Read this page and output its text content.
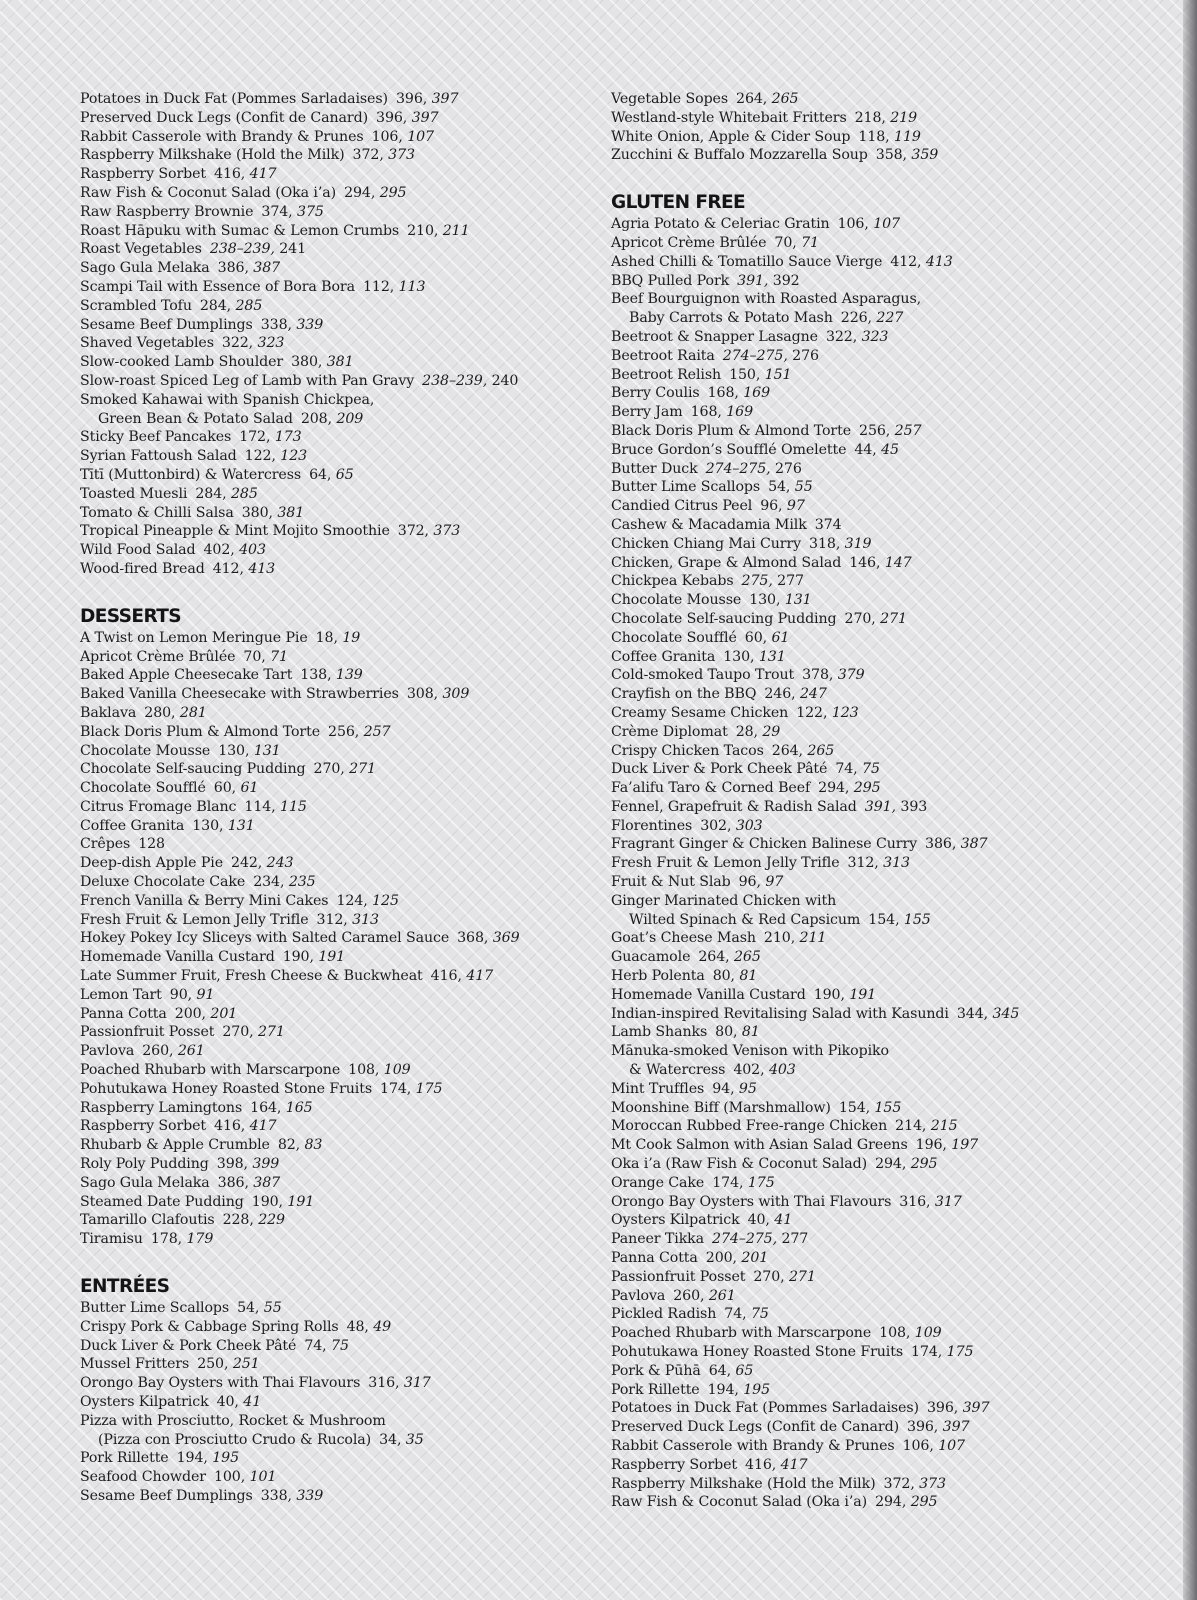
Potatoes in Duck Fat (Pommes Sarladaises) 396, 397
Preserved Duck Legs (Confit de Canard) 396, 397
Rabbit Casserole with Brandy & Prunes 106, 107
Raspberry Milkshake (Hold the Milk) 372, 373
Raspberry Sorbet 416, 417
Raw Fish & Coconut Salad (Oka i’a) 294, 295
Raw Raspberry Brownie 374, 375
Roast Hāpuku with Sumac & Lemon Crumbs 210, 211
Roast Vegetables 238–239, 241
Sago Gula Melaka 386, 387
Scampi Tail with Essence of Bora Bora 112, 113
Scrambled Tofu 284, 285
Sesame Beef Dumplings 338, 339
Shaved Vegetables 322, 323
Slow-cooked Lamb Shoulder 380, 381
Slow-roast Spiced Leg of Lamb with Pan Gravy 238–239, 240
Smoked Kahawai with Spanish Chickpea,
Green Bean & Potato Salad 208, 209
Sticky Beef Pancakes 172, 173
Syrian Fattoush Salad 122, 123
Tītī (Muttonbird) & Watercress 64, 65
Toasted Muesli 284, 285
Tomato & Chilli Salsa 380, 381
Tropical Pineapple & Mint Mojito Smoothie 372, 373
Wild Food Salad 402, 403
Wood-fired Bread 412, 413
DESSERTS
A Twist on Lemon Meringue Pie 18, 19
Apricot Crème Brûlée 70, 71
Baked Apple Cheesecake Tart 138, 139
Baked Vanilla Cheesecake with Strawberries 308, 309
Baklava 280, 281
Black Doris Plum & Almond Torte 256, 257
Chocolate Mousse 130, 131
Chocolate Self-saucing Pudding 270, 271
Chocolate Soufflé 60, 61
Citrus Fromage Blanc 114, 115
Coffee Granita 130, 131
Crêpes 128
Deep-dish Apple Pie 242, 243
Deluxe Chocolate Cake 234, 235
French Vanilla & Berry Mini Cakes 124, 125
Fresh Fruit & Lemon Jelly Trifle 312, 313
Hokey Pokey Icy Sliceys with Salted Caramel Sauce 368, 369
Homemade Vanilla Custard 190, 191
Late Summer Fruit, Fresh Cheese & Buckwheat 416, 417
Lemon Tart 90, 91
Panna Cotta 200, 201
Passionfruit Posset 270, 271
Pavlova 260, 261
Poached Rhubarb with Marscarpone 108, 109
Pohutukawa Honey Roasted Stone Fruits 174, 175
Raspberry Lamingtons 164, 165
Raspberry Sorbet 416, 417
Rhubarb & Apple Crumble 82, 83
Roly Poly Pudding 398, 399
Sago Gula Melaka 386, 387
Steamed Date Pudding 190, 191
Tamarillo Clafoutis 228, 229
Tiramisu 178, 179
ENTRÉES
Butter Lime Scallops 54, 55
Crispy Pork & Cabbage Spring Rolls 48, 49
Duck Liver & Pork Cheek Pâté 74, 75
Mussel Fritters 250, 251
Orongo Bay Oysters with Thai Flavours 316, 317
Oysters Kilpatrick 40, 41
Pizza with Prosciutto, Rocket & Mushroom
(Pizza con Prosciutto Crudo & Rucola) 34, 35
Pork Rillette 194, 195
Seafood Chowder 100, 101
Sesame Beef Dumplings 338, 339
Vegetable Sopes 264, 265
Westland-style Whitebait Fritters 218, 219
White Onion, Apple & Cider Soup 118, 119
Zucchini & Buffalo Mozzarella Soup 358, 359
GLUTEN FREE
Agria Potato & Celeriac Gratin 106, 107
Apricot Crème Brûlée 70, 71
Ashed Chilli & Tomatillo Sauce Vierge 412, 413
BBQ Pulled Pork 391, 392
Beef Bourguignon with Roasted Asparagus,
Baby Carrots & Potato Mash 226, 227
Beetroot & Snapper Lasagne 322, 323
Beetroot Raita 274–275, 276
Beetroot Relish 150, 151
Berry Coulis 168, 169
Berry Jam 168, 169
Black Doris Plum & Almond Torte 256, 257
Bruce Gordon’s Soufflé Omelette 44, 45
Butter Duck 274–275, 276
Butter Lime Scallops 54, 55
Candied Citrus Peel 96, 97
Cashew & Macadamia Milk 374
Chicken Chiang Mai Curry 318, 319
Chicken, Grape & Almond Salad 146, 147
Chickpea Kebabs 275, 277
Chocolate Mousse 130, 131
Chocolate Self-saucing Pudding 270, 271
Chocolate Soufflé 60, 61
Coffee Granita 130, 131
Cold-smoked Taupo Trout 378, 379
Crayfish on the BBQ 246, 247
Creamy Sesame Chicken 122, 123
Crème Diplomat 28, 29
Crispy Chicken Tacos 264, 265
Duck Liver & Pork Cheek Pâté 74, 75
Fa’alifu Taro & Corned Beef 294, 295
Fennel, Grapefruit & Radish Salad 391, 393
Florentines 302, 303
Fragrant Ginger & Chicken Balinese Curry 386, 387
Fresh Fruit & Lemon Jelly Trifle 312, 313
Fruit & Nut Slab 96, 97
Ginger Marinated Chicken with
Wilted Spinach & Red Capsicum 154, 155
Goat’s Cheese Mash 210, 211
Guacamole 264, 265
Herb Polenta 80, 81
Homemade Vanilla Custard 190, 191
Indian-inspired Revitalising Salad with Kasundi 344, 345
Lamb Shanks 80, 81
Mānuka-smoked Venison with Pikopiko
& Watercress 402, 403
Mint Truffles 94, 95
Moonshine Biff (Marshmallow) 154, 155
Moroccan Rubbed Free-range Chicken 214, 215
Mt Cook Salmon with Asian Salad Greens 196, 197
Oka i’a (Raw Fish & Coconut Salad) 294, 295
Orange Cake 174, 175
Orongo Bay Oysters with Thai Flavours 316, 317
Oysters Kilpatrick 40, 41
Paneer Tikka 274–275, 277
Panna Cotta 200, 201
Passionfruit Posset 270, 271
Pavlova 260, 261
Pickled Radish 74, 75
Poached Rhubarb with Marscarpone 108, 109
Pohutukawa Honey Roasted Stone Fruits 174, 175
Pork & Pūhā 64, 65
Pork Rillette 194, 195
Potatoes in Duck Fat (Pommes Sarladaises) 396, 397
Preserved Duck Legs (Confit de Canard) 396, 397
Rabbit Casserole with Brandy & Prunes 106, 107
Raspberry Sorbet 416, 417
Raspberry Milkshake (Hold the Milk) 372, 373
Raw Fish & Coconut Salad (Oka i’a) 294, 295
